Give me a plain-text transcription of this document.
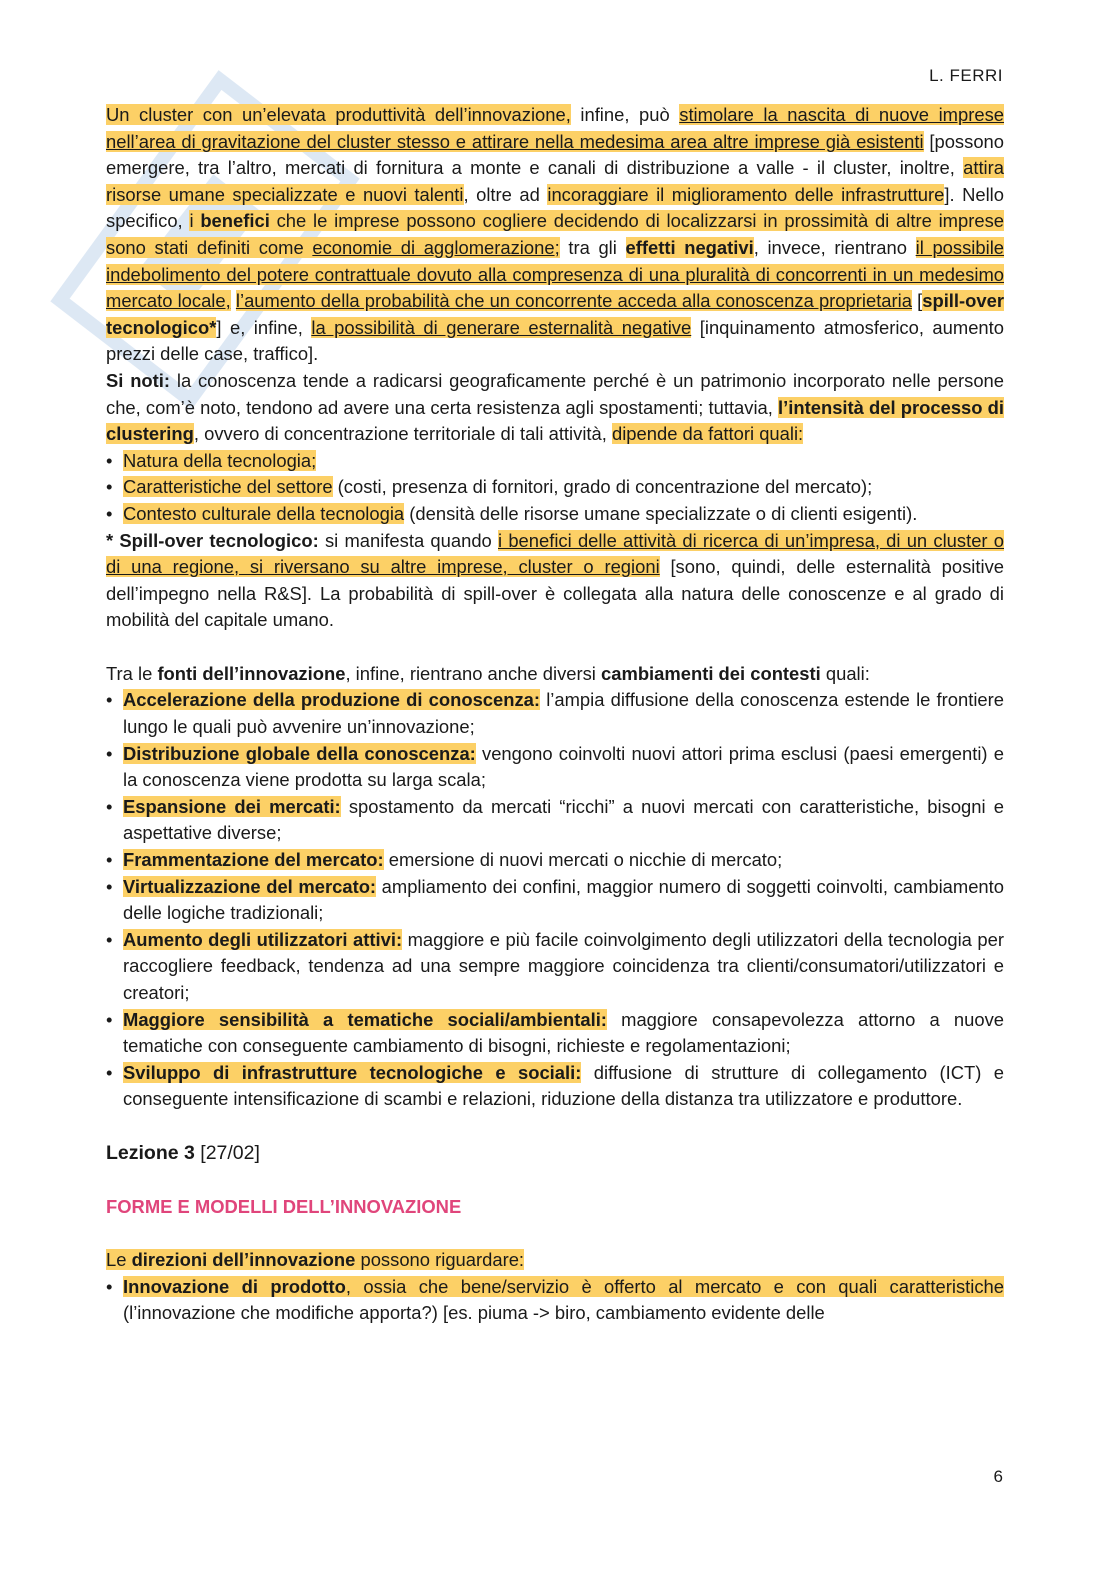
L. FERRI

Un cluster con un’elevata produttività dell’innovazione, infine, può stimolare la nascita di nuove imprese nell’area di gravitazione del cluster stesso e attirare nella medesima area altre imprese già esistenti [possono emergere, tra l’altro, mercati di fornitura a monte e canali di distribuzione a valle - il cluster, inoltre, attira risorse umane specializzate e nuovi talenti, oltre ad incoraggiare il miglioramento delle infrastrutture]. Nello specifico, i benefici che le imprese possono cogliere decidendo di localizzarsi in prossimità di altre imprese sono stati definiti come economie di agglomerazione; tra gli effetti negativi, invece, rientrano il possibile indebolimento del potere contrattuale dovuto alla compresenza di una pluralità di concorrenti in un medesimo mercato locale, l’aumento della probabilità che un concorrente acceda alla conoscenza proprietaria [spill-over tecnologico*] e, infine, la possibilità di generare esternalità negative [inquinamento atmosferico, aumento prezzi delle case, traffico].

Si noti: la conoscenza tende a radicarsi geograficamente perché è un patrimonio incorporato nelle persone che, com’è noto, tendono ad avere una certa resistenza agli spostamenti; tuttavia, l’intensità del processo di clustering, ovvero di concentrazione territoriale di tali attività, dipende da fattori quali:

• Natura della tecnologia;
• Caratteristiche del settore (costi, presenza di fornitori, grado di concentrazione del mercato);
• Contesto culturale della tecnologia (densità delle risorse umane specializzate o di clienti esigenti).

* Spill-over tecnologico: si manifesta quando i benefici delle attività di ricerca di un’impresa, di un cluster o di una regione, si riversano su altre imprese, cluster o regioni [sono, quindi, delle esternalità positive dell’impegno nella R&S]. La probabilità di spill-over è collegata alla natura delle conoscenze e al grado di mobilità del capitale umano.

Tra le fonti dell’innovazione, infine, rientrano anche diversi cambiamenti dei contesti quali:

• Accelerazione della produzione di conoscenza: l’ampia diffusione della conoscenza estende le frontiere lungo le quali può avvenire un’innovazione;
• Distribuzione globale della conoscenza: vengono coinvolti nuovi attori prima esclusi (paesi emergenti) e la conoscenza viene prodotta su larga scala;
• Espansione dei mercati: spostamento da mercati “ricchi” a nuovi mercati con caratteristiche, bisogni e aspettative diverse;
• Frammentazione del mercato: emersione di nuovi mercati o nicchie di mercato;
• Virtualizzazione del mercato: ampliamento dei confini, maggior numero di soggetti coinvolti, cambiamento delle logiche tradizionali;
• Aumento degli utilizzatori attivi: maggiore e più facile coinvolgimento degli utilizzatori della tecnologia per raccogliere feedback, tendenza ad una sempre maggiore coincidenza tra clienti/consumatori/utilizzatori e creatori;
• Maggiore sensibilità a tematiche sociali/ambientali: maggiore consapevolezza attorno a nuove tematiche con conseguente cambiamento di bisogni, richieste e regolamentazioni;
• Sviluppo di infrastrutture tecnologiche e sociali: diffusione di strutture di collegamento (ICT) e conseguente intensificazione di scambi e relazioni, riduzione della distanza tra utilizzatore e produttore.

Lezione 3 [27/02]

FORME E MODELLI DELL’INNOVAZIONE

Le direzioni dell’innovazione possono riguardare:

• Innovazione di prodotto, ossia che bene/servizio è offerto al mercato e con quali caratteristiche (l’innovazione che modifiche apporta?) [es. piuma -> biro, cambiamento evidente delle
6
